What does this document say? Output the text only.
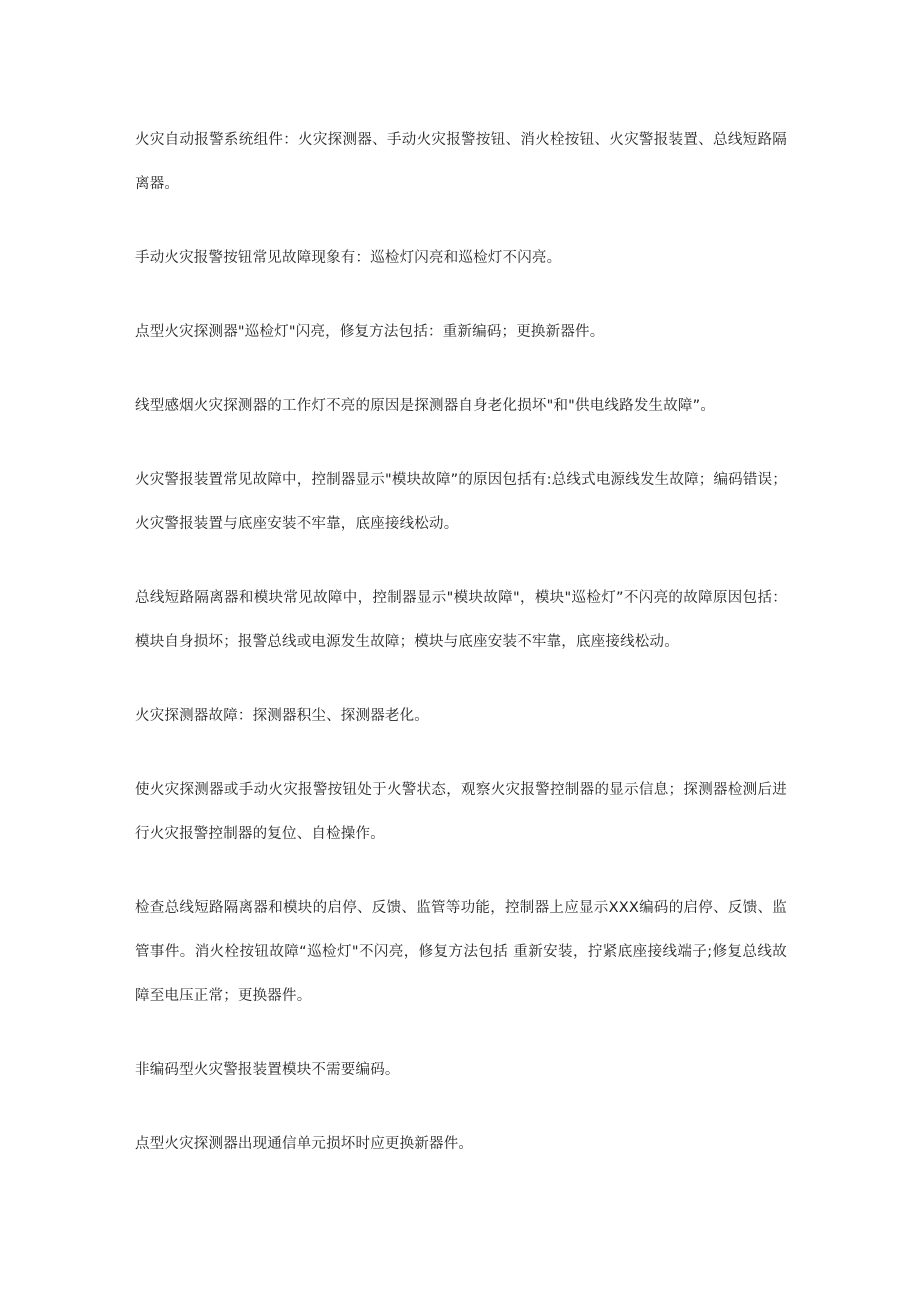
火灾自动报警系统组件：火灾探测器、手动火灾报警按钮、消火栓按钮、火灾警报装置、总线短路隔离器。

手动火灾报警按钮常见故障现象有：巡检灯闪亮和巡检灯不闪亮。

点型火灾探测器"巡检灯"闪亮，修复方法包括：重新编码；更换新器件。

线型感烟火灾探测器的工作灯不亮的原因是探测器自身老化损坏"和"供电线路发生故障”。

火灾警报装置常见故障中，控制器显示"模块故障”的原因包括有:总线式电源线发生故障；编码错误；火灾警报装置与底座安装不牢靠，底座接线松动。

总线短路隔离器和模块常见故障中，控制器显示"模块故障"，模块"巡检灯”不闪亮的故障原因包括：模块自身损坏；报警总线或电源发生故障；模块与底座安装不牢靠，底座接线松动。

火灾探测器故障：探测器积尘、探测器老化。

使火灾探测器或手动火灾报警按钮处于火警状态，观察火灾报警控制器的显示信息；探测器检测后进行火灾报警控制器的复位、自检操作。

检查总线短路隔离器和模块的启停、反馈、监管等功能，控制器上应显示XXX编码的启停、反馈、监管事件。消火栓按钮故障“巡检灯"不闪亮，修复方法包括 重新安装，拧紧底座接线端子;修复总线故障至电压正常；更换器件。

非编码型火灾警报装置模块不需要编码。

点型火灾探测器出现通信单元损坏时应更换新器件。
